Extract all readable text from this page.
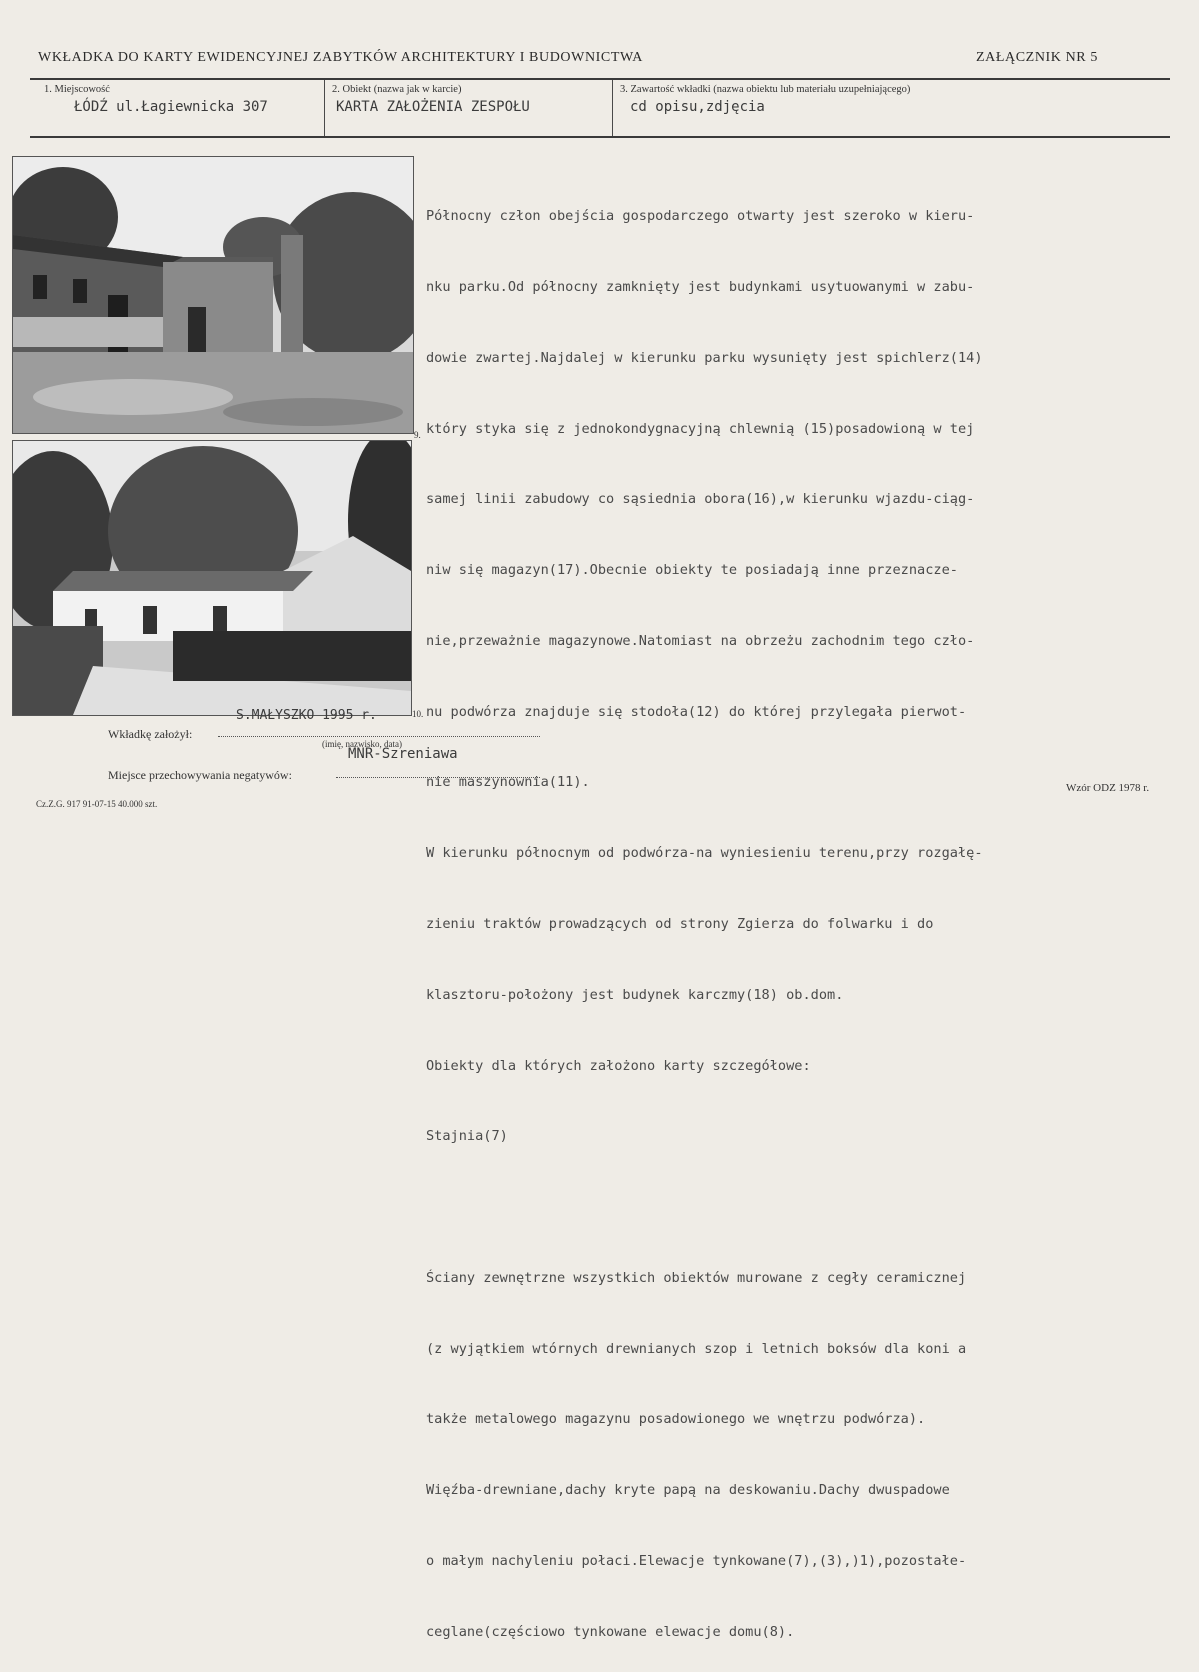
WKŁADKA DO KARTY EWIDENCYJNEJ ZABYTKÓW ARCHITEKTURY I BUDOWNICTWA	ZAŁĄCZNIK NR 5
1. Miejscowość
ŁÓDŹ ul.Łagiewnicka 307
2. Obiekt (nazwa jak w karcie)
KARTA ZAŁOŻENIA ZESPOŁU
3. Zawartość wkładki (nazwa obiektu lub materiału uzupełniającego)
cd opisu,zdjęcia
9.
10.

Północny człon obejścia gospodarczego otwarty jest szeroko w kieru-

nku parku.Od północny zamknięty jest budynkami usytuowanymi w zabu-

dowie zwartej.Najdalej w kierunku parku wysunięty jest spichlerz(14)

który styka się z jednokondygnacyjną chlewnią (15)posadowioną w tej

samej linii zabudowy co sąsiednia obora(16),w kierunku wjazdu-ciąg-

niw się magazyn(17).Obecnie obiekty te posiadają inne przeznacze-

nie,przeważnie magazynowe.Natomiast na obrzeżu zachodnim tego czło-

nu podwórza znajduje się stodoła(12) do której przylegała pierwot-

nie maszynownia(11).

W kierunku północnym od podwórza-na wyniesieniu terenu,przy rozgałę-

zieniu traktów prowadzących od strony Zgierza do folwarku i do

klasztoru-położony jest budynek karczmy(18) ob.dom.

Obiekty dla których założono karty szczegółowe:

Stajnia(7)

Ściany zewnętrzne wszystkich obiektów murowane z cegły ceramicznej

(z wyjątkiem wtórnych drewnianych szop i letnich boksów dla koni a

także metalowego magazynu posadowionego we wnętrzu podwórza).

Więźba-drewniane,dachy kryte papą na deskowaniu.Dachy dwuspadowe

o małym nachyleniu połaci.Elewacje tynkowane(7),(3),)1),pozostałe-

ceglane(częściowo tynkowane elewacje domu(8).

S.MAŁYSZKO 1995 r.
Wkładkę założył:
(imię, nazwisko, data)
MNR-Szreniawa
Miejsce przechowywania negatywów:
Cz.Z.G. 917 91-07-15 40.000 szt.
Wzór ODZ 1978 r.
